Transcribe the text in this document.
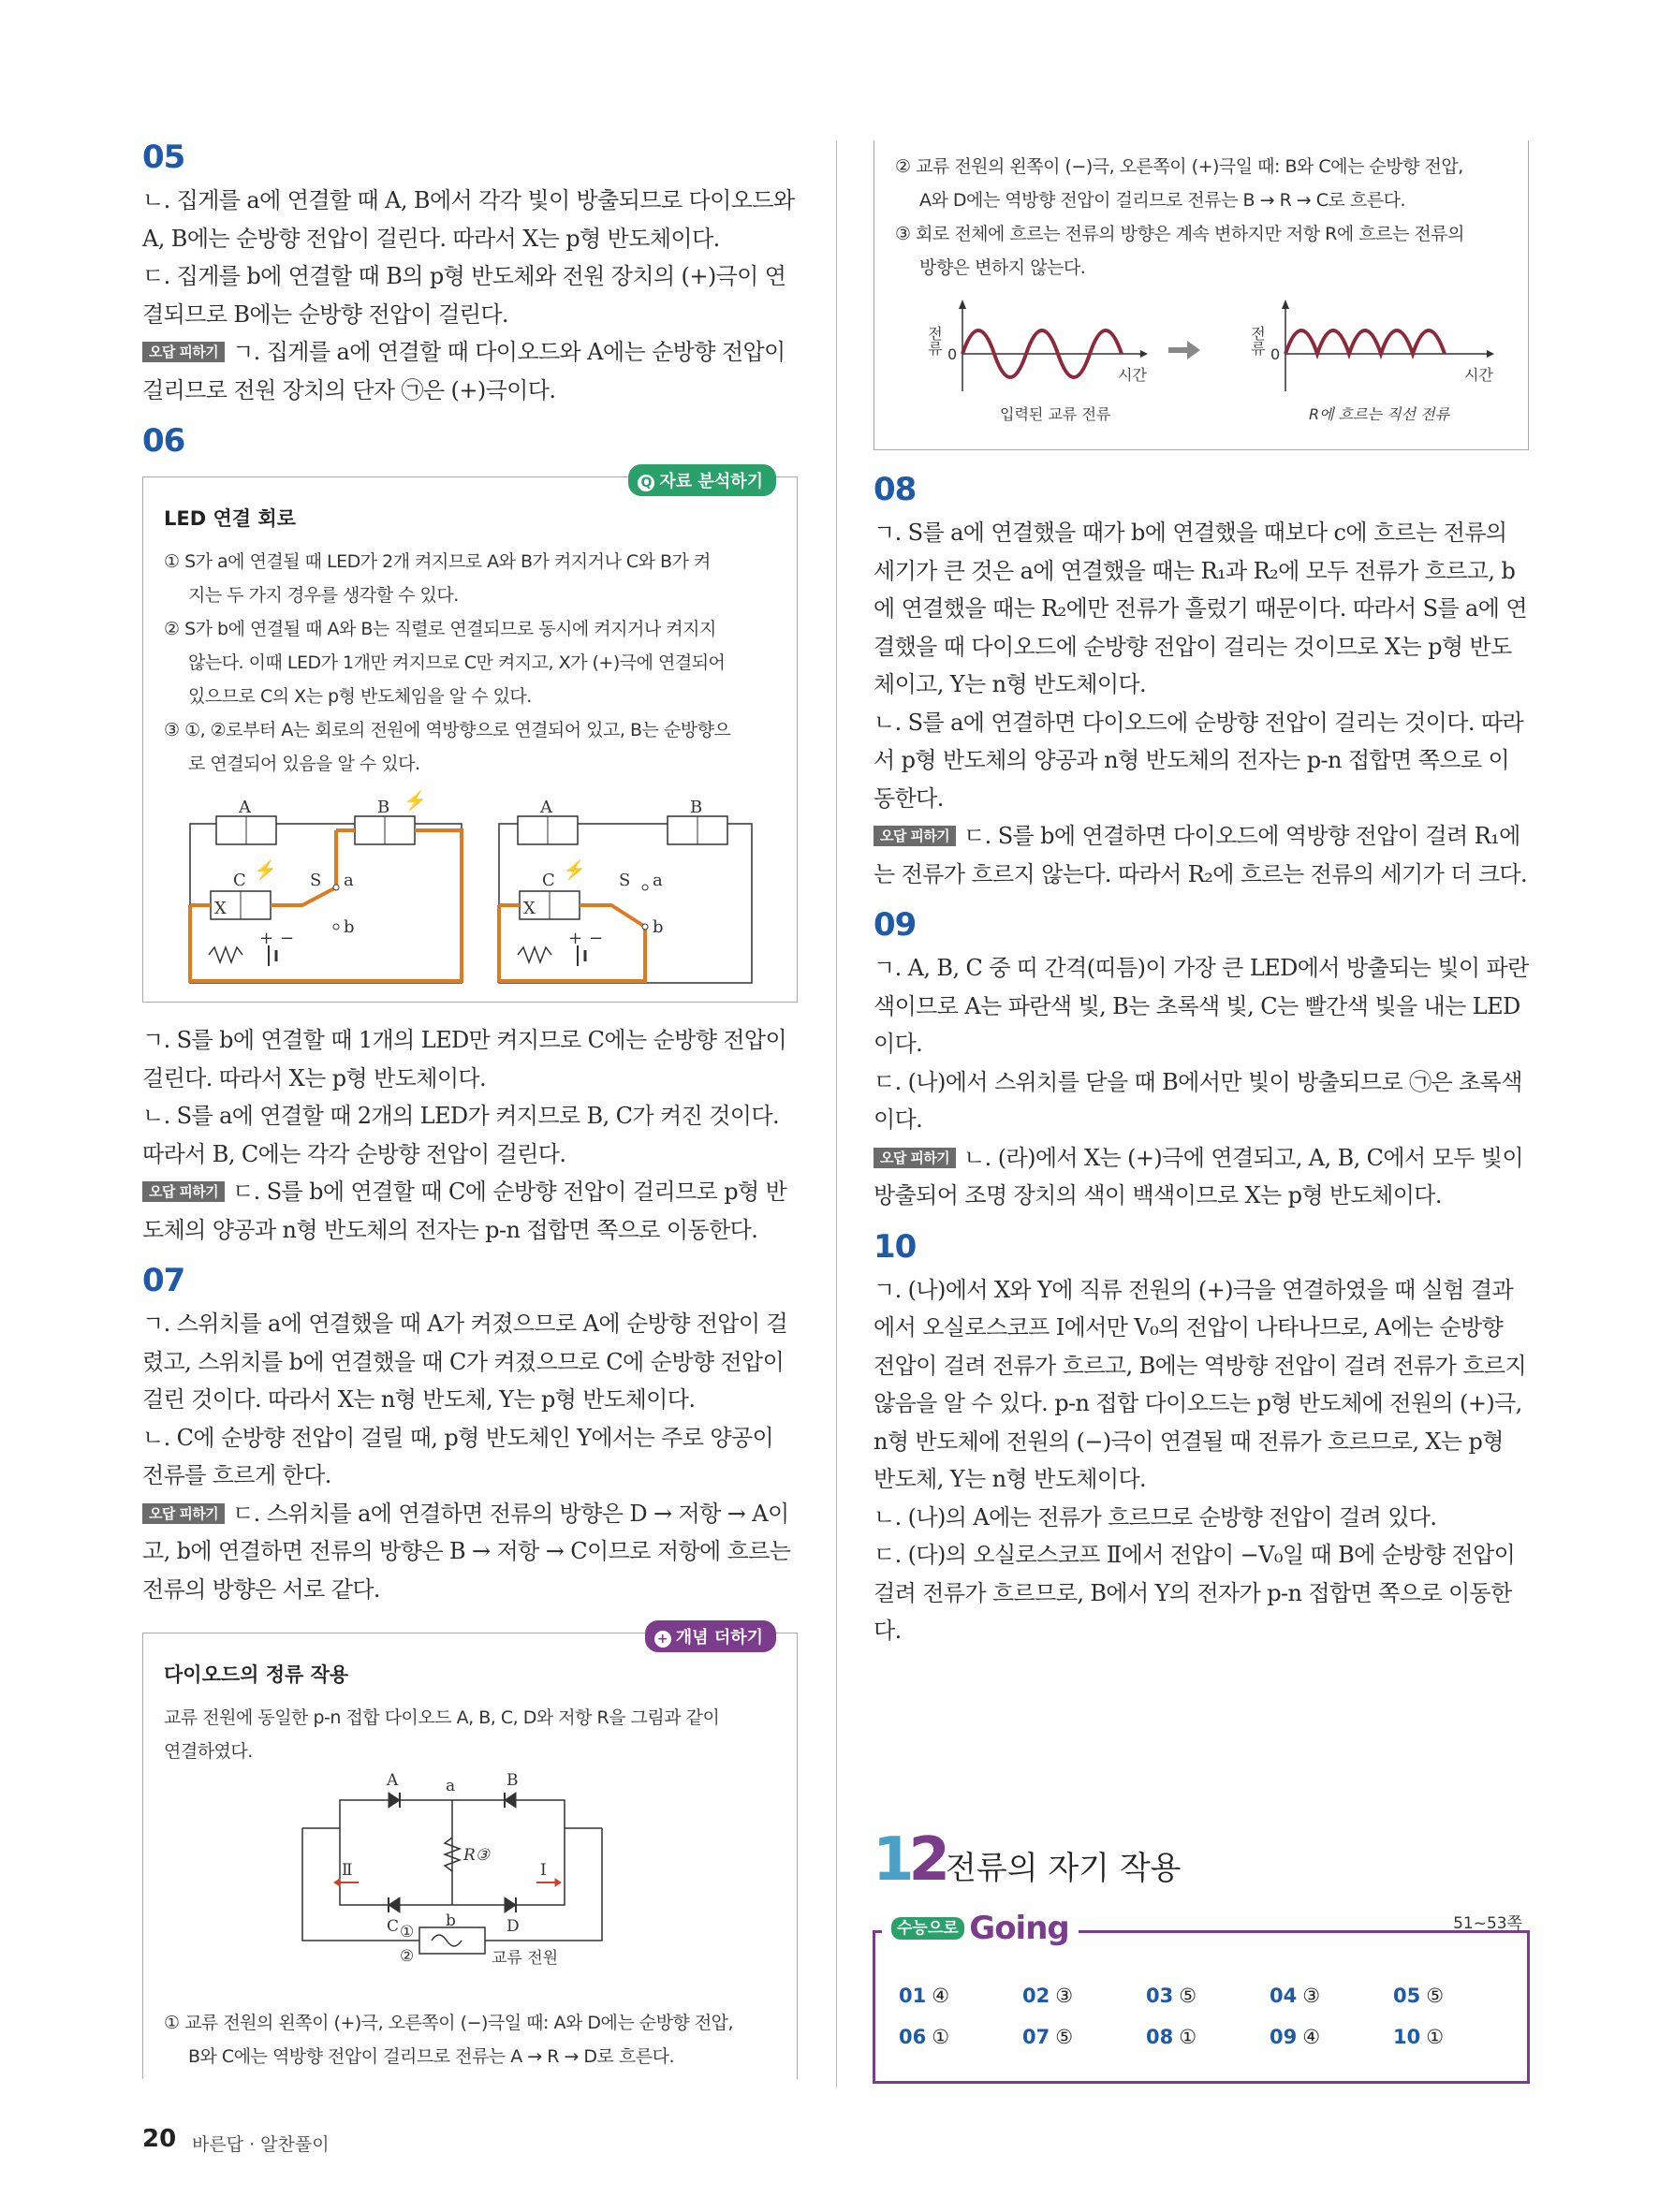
05

ㄴ. 집게를 a에 연결할 때 A, B에서 각각 빛이 방출되므로 다이오드와 A, B에는 순방향 전압이 걸린다. 따라서 X는 p형 반도체이다.

ㄷ. 집게를 b에 연결할 때 B의 p형 반도체와 전원 장치의 (+)극이 연결되므로 B에는 순방향 전압이 걸린다.

오답 피하기 ㄱ. 집게를 a에 연결할 때 다이오드와 A에는 순방향 전압이 걸리므로 전원 장치의 단자 ㉠은 (+)극이다.

06
Q 자료 분석하기

LED 연결 회로

① S가 a에 연결될 때 LED가 2개 켜지므로 A와 B가 켜지거나 C와 B가 켜

지는 두 가지 경우를 생각할 수 있다.

② S가 b에 연결될 때 A와 B는 직렬로 연결되므로 동시에 켜지거나 켜지지

않는다. 이때 LED가 1개만 켜지므로 C만 켜지고, X가 (+)극에 연결되어

있으므로 C의 X는 p형 반도체임을 알 수 있다.

③ ①, ②로부터 A는 회로의 전원에 역방향으로 연결되어 있고, B는 순방향으

로 연결되어 있음을 알 수 있다.

A	B
C
X
S a
b
+ −
⚡
⚡	A	B
C
X
S a
b
+ −
⚡

ㄱ. S를 b에 연결할 때 1개의 LED만 켜지므로 C에는 순방향 전압이 걸린다. 따라서 X는 p형 반도체이다.

ㄴ. S를 a에 연결할 때 2개의 LED가 켜지므로 B, C가 켜진 것이다. 따라서 B, C에는 각각 순방향 전압이 걸린다.

오답 피하기 ㄷ. S를 b에 연결할 때 C에 순방향 전압이 걸리므로 p형 반도체의 양공과 n형 반도체의 전자는 p-n 접합면 쪽으로 이동한다.

07

ㄱ. 스위치를 a에 연결했을 때 A가 켜졌으므로 A에 순방향 전압이 걸렸고, 스위치를 b에 연결했을 때 C가 켜졌으므로 C에 순방향 전압이 걸린 것이다. 따라서 X는 n형 반도체, Y는 p형 반도체이다.

ㄴ. C에 순방향 전압이 걸릴 때, p형 반도체인 Y에서는 주로 양공이 전류를 흐르게 한다.

오답 피하기 ㄷ. 스위치를 a에 연결하면 전류의 방향은 D → 저항 → A이고, b에 연결하면 전류의 방향은 B → 저항 → C이므로 저항에 흐르는 전류의 방향은 서로 같다.

+ 개념 더하기

다이오드의 정류 작용

교류 전원에 동일한 p-n 접합 다이오드 A, B, C, D와 저항 R을 그림과 같이

연결하였다.

A	a	B
R③
C	b	D
Ⅱ	Ⅰ
①
②	교류 전원

① 교류 전원의 왼쪽이 (+)극, 오른쪽이 (−)극일 때: A와 D에는 순방향 전압,

B와 C에는 역방향 전압이 걸리므로 전류는 A → R → D로 흐른다.

② 교류 전원의 왼쪽이 (−)극, 오른쪽이 (+)극일 때: B와 C에는 순방향 전압,

A와 D에는 역방향 전압이 걸리므로 전류는 B → R → C로 흐른다.

③ 회로 전체에 흐르는 전류의 방향은 계속 변하지만 저항 R에 흐르는 전류의

방향은 변하지 않는다.

전류 0
시간
입력된 교류 전류
전류 0
시간
R에 흐르는 직선 전류
08

ㄱ. S를 a에 연결했을 때가 b에 연결했을 때보다 c에 흐르는 전류의 세기가 큰 것은 a에 연결했을 때는 R₁과 R₂에 모두 전류가 흐르고, b에 연결했을 때는 R₂에만 전류가 흘렀기 때문이다. 따라서 S를 a에 연결했을 때 다이오드에 순방향 전압이 걸리는 것이므로 X는 p형 반도체이고, Y는 n형 반도체이다.

ㄴ. S를 a에 연결하면 다이오드에 순방향 전압이 걸리는 것이다. 따라서 p형 반도체의 양공과 n형 반도체의 전자는 p-n 접합면 쪽으로 이동한다.

오답 피하기 ㄷ. S를 b에 연결하면 다이오드에 역방향 전압이 걸려 R₁에는 전류가 흐르지 않는다. 따라서 R₂에 흐르는 전류의 세기가 더 크다.

09

ㄱ. A, B, C 중 띠 간격(띠틈)이 가장 큰 LED에서 방출되는 빛이 파란색이므로 A는 파란색 빛, B는 초록색 빛, C는 빨간색 빛을 내는 LED이다.

ㄷ. (나)에서 스위치를 닫을 때 B에서만 빛이 방출되므로 ㉠은 초록색이다.

오답 피하기 ㄴ. (라)에서 X는 (+)극에 연결되고, A, B, C에서 모두 빛이 방출되어 조명 장치의 색이 백색이므로 X는 p형 반도체이다.

10

ㄱ. (나)에서 X와 Y에 직류 전원의 (+)극을 연결하였을 때 실험 결과에서 오실로스코프 Ⅰ에서만 V₀의 전압이 나타나므로, A에는 순방향 전압이 걸려 전류가 흐르고, B에는 역방향 전압이 걸려 전류가 흐르지 않음을 알 수 있다. p-n 접합 다이오드는 p형 반도체에 전원의 (+)극, n형 반도체에 전원의 (−)극이 연결될 때 전류가 흐르므로, X는 p형 반도체, Y는 n형 반도체이다.

ㄴ. (나)의 A에는 전류가 흐르므로 순방향 전압이 걸려 있다.

ㄷ. (다)의 오실로스코프 Ⅱ에서 전압이 −V₀일 때 B에 순방향 전압이 걸려 전류가 흐르므로, B에서 Y의 전자가 p-n 접합면 쪽으로 이동한다.

12 전류의 자기 작용
수능으로 Going	51~53쪽
01 ④	02 ③	03 ⑤	04 ③	05 ⑤
06 ①	07 ⑤	08 ①	09 ④	10 ①
20 바른답 · 알찬풀이
